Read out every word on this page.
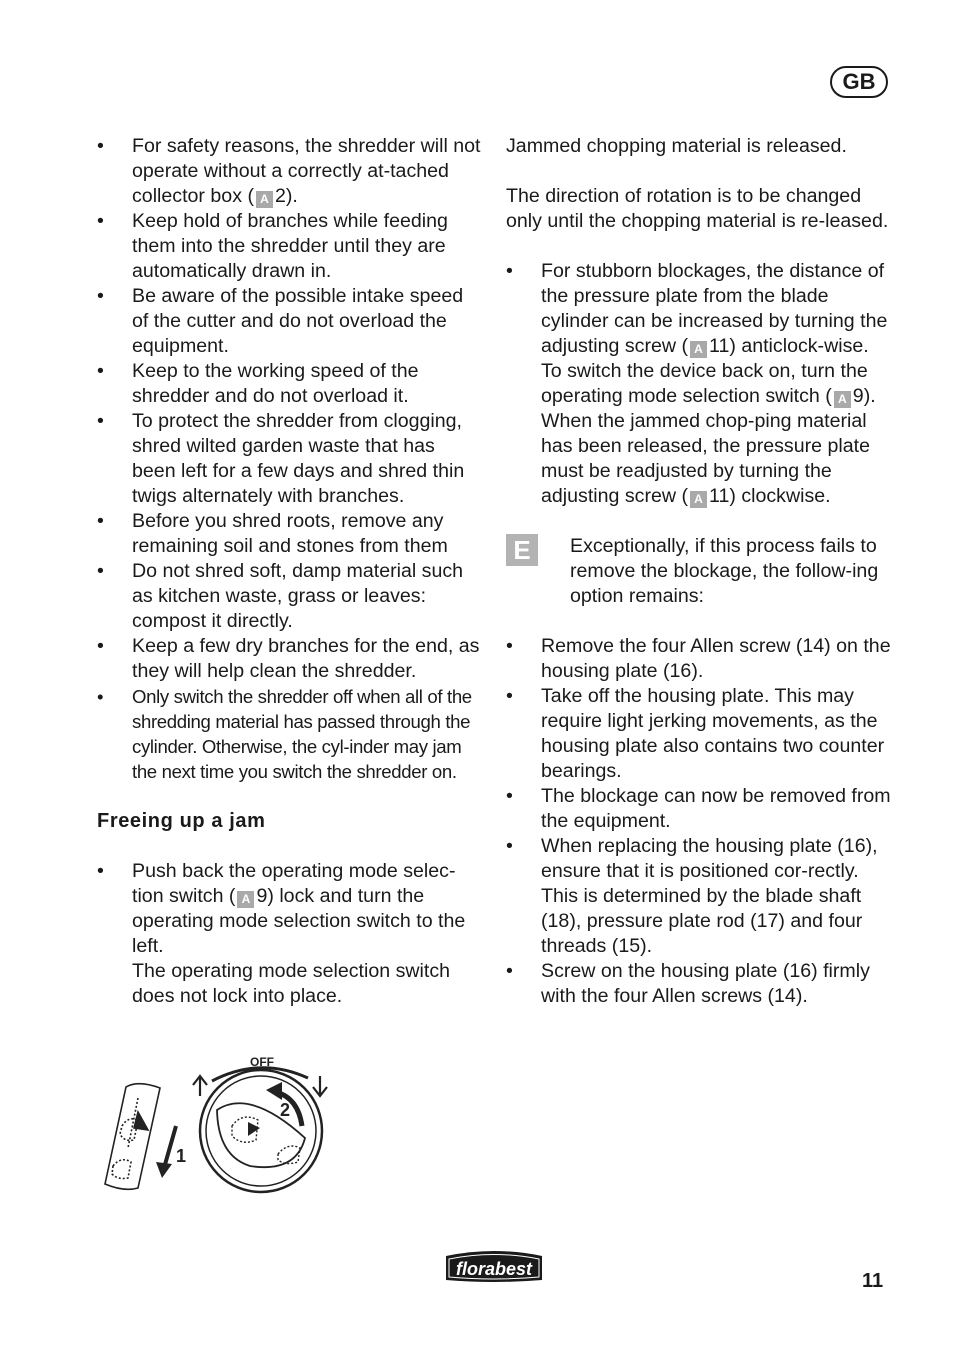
GB
• For safety reasons, the shredder will not operate without a correctly at-tached collector box ( A 2).
• Keep hold of branches while feeding them into the shredder until they are automatically drawn in.
• Be aware of the possible intake speed of the cutter and do not overload the equipment.
• Keep to the working speed of the shredder and do not overload it.
• To protect the shredder from clogging, shred wilted garden waste that has been left for a few days and shred thin twigs alternately with branches.
• Before you shred roots, remove any remaining soil and stones from them
• Do not shred soft, damp material such as kitchen waste, grass or leaves: compost it directly.
• Keep a few dry branches for the end, as they will help clean the shredder.
• Only switch the shredder off when all of the shredding material has passed through the cylinder. Otherwise, the cyl-inder may jam the next time you switch the shredder on.

Freeing up a jam

• Push back the operating mode selec-tion switch ( A 9) lock and turn the operating mode selection switch to the left.
The operating mode selection switch does not lock into place.
1
2
OFF

Jammed chopping material is released.

The direction of rotation is to be changed only until the chopping material is re-leased.

• For stubborn blockages, the distance of the pressure plate from the blade cylinder can be increased by turning the adjusting screw ( A 11) anticlock-wise. To switch the device back on, turn the operating mode selection switch ( A 9). When the jammed chop-ping material has been released, the pressure plate must be readjusted by turning the adjusting screw ( A 11) clockwise.
E	Exceptionally, if this process fails to remove the blockage, the follow-ing option remains:
• Remove the four Allen screw (14) on the housing plate (16).
• Take off the housing plate. This may require light jerking movements, as the housing plate also contains two counter bearings.
• The blockage can now be removed from the equipment.
• When replacing the housing plate (16), ensure that it is positioned cor-rectly. This is determined by the blade shaft (18), pressure plate rod (17) and four threads (15).
• Screw on the housing plate (16) firmly with the four Allen screws (14).
florabest
11
